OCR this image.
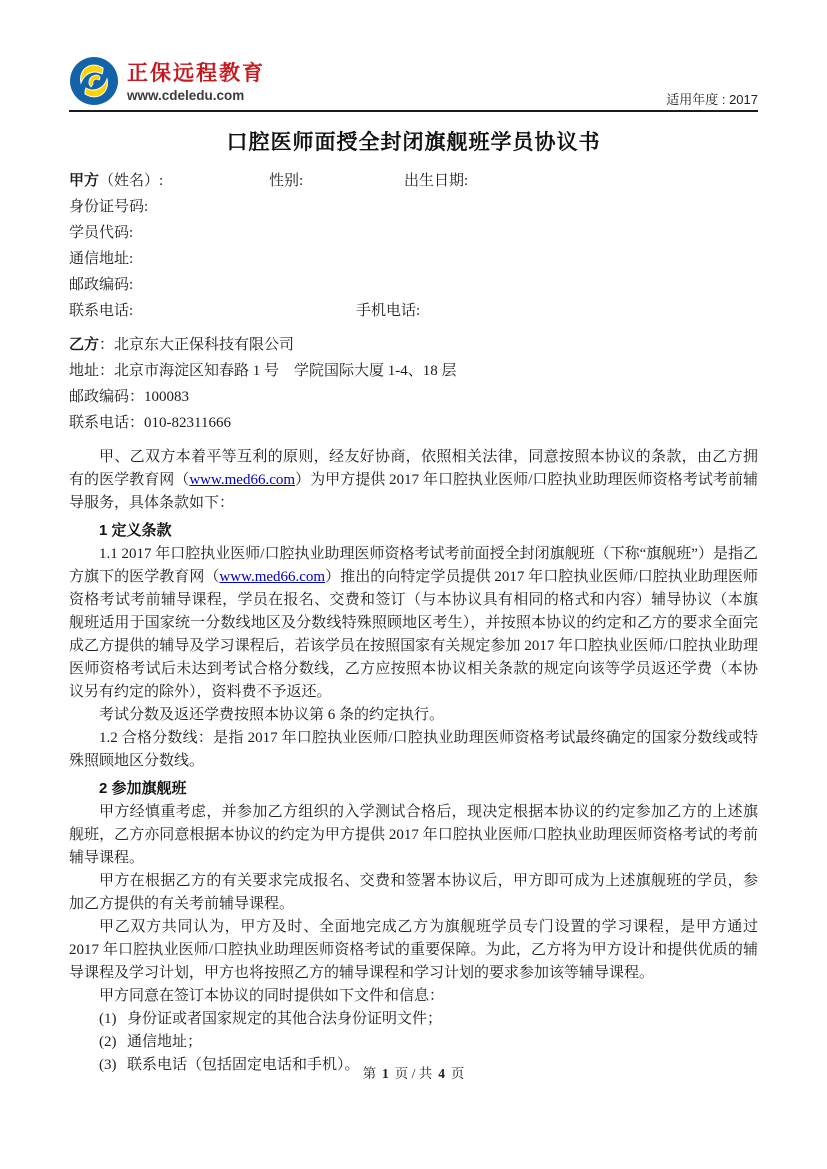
正保远程教育
www.cdeledu.com	适用年度 : 2017
口腔医师面授全封闭旗舰班学员协议书
甲方（姓名）:	性别:	出生日期:
身份证号码:
学员代码:
通信地址:
邮政编码:
联系电话:	手机电话:
乙方：北京东大正保科技有限公司
地址：北京市海淀区知春路 1 号　学院国际大厦 1-4、18 层
邮政编码：100083
联系电话：010-82311666

甲、乙双方本着平等互利的原则，经友好协商，依照相关法律，同意按照本协议的条款，由乙方拥有的医学教育网（www.med66.com）为甲方提供 2017 年口腔执业医师/口腔执业助理医师资格考试考前辅导服务，具体条款如下：

1 定义条款

1.1 2017 年口腔执业医师/口腔执业助理医师资格考试考前面授全封闭旗舰班（下称“旗舰班”）是指乙方旗下的医学教育网（www.med66.com）推出的向特定学员提供 2017 年口腔执业医师/口腔执业助理医师资格考试考前辅导课程，学员在报名、交费和签订（与本协议具有相同的格式和内容）辅导协议（本旗舰班适用于国家统一分数线地区及分数线特殊照顾地区考生），并按照本协议的约定和乙方的要求全面完成乙方提供的辅导及学习课程后，若该学员在按照国家有关规定参加 2017 年口腔执业医师/口腔执业助理医师资格考试后未达到考试合格分数线，乙方应按照本协议相关条款的规定向该等学员返还学费（本协议另有约定的除外），资料费不予返还。

考试分数及返还学费按照本协议第 6 条的约定执行。

1.2 合格分数线：是指 2017 年口腔执业医师/口腔执业助理医师资格考试最终确定的国家分数线或特殊照顾地区分数线。

2 参加旗舰班

甲方经慎重考虑，并参加乙方组织的入学测试合格后，现决定根据本协议的约定参加乙方的上述旗舰班，乙方亦同意根据本协议的约定为甲方提供 2017 年口腔执业医师/口腔执业助理医师资格考试的考前辅导课程。

甲方在根据乙方的有关要求完成报名、交费和签署本协议后，甲方即可成为上述旗舰班的学员，参加乙方提供的有关考前辅导课程。

甲乙双方共同认为，甲方及时、全面地完成乙方为旗舰班学员专门设置的学习课程，是甲方通过 2017 年口腔执业医师/口腔执业助理医师资格考试的重要保障。为此，乙方将为甲方设计和提供优质的辅导课程及学习计划，甲方也将按照乙方的辅导课程和学习计划的要求参加该等辅导课程。

甲方同意在签订本协议的同时提供如下文件和信息：

(1) 身份证或者国家规定的其他合法身份证明文件；

(2) 通信地址；

(3) 联系电话（包括固定电话和手机）。

第 1 页 / 共 4 页
